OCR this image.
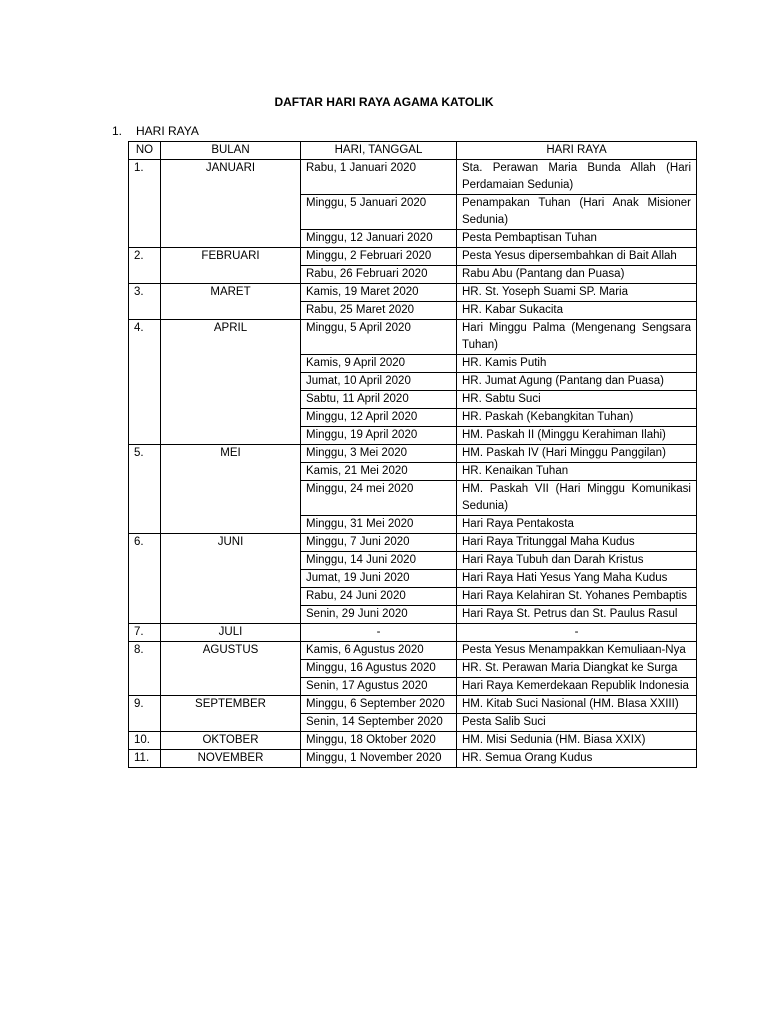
DAFTAR HARI RAYA AGAMA KATOLIK
1. HARI RAYA
NO	BULAN	HARI, TANGGAL	HARI RAYA
1.	JANUARI	Rabu, 1 Januari 2020	Sta. Perawan Maria Bunda Allah (Hari Perdamaian Sedunia)
		Minggu, 5 Januari 2020	Penampakan Tuhan (Hari Anak Misioner Sedunia)
		Minggu, 12 Januari 2020	Pesta Pembaptisan Tuhan
2.	FEBRUARI	Minggu, 2 Februari 2020	Pesta Yesus dipersembahkan di Bait Allah
		Rabu, 26 Februari 2020	Rabu Abu (Pantang dan Puasa)
3.	MARET	Kamis, 19 Maret 2020	HR. St. Yoseph Suami SP. Maria
		Rabu, 25 Maret 2020	HR. Kabar Sukacita
4.	APRIL	Minggu, 5 April 2020	Hari Minggu Palma (Mengenang Sengsara Tuhan)
		Kamis, 9 April 2020	HR. Kamis Putih
		Jumat, 10 April 2020	HR. Jumat Agung (Pantang dan Puasa)
		Sabtu, 11 April 2020	HR. Sabtu Suci
		Minggu, 12 April 2020	HR. Paskah (Kebangkitan Tuhan)
		Minggu, 19 April 2020	HM. Paskah II (Minggu Kerahiman Ilahi)
5.	MEI	Minggu, 3 Mei 2020	HM. Paskah IV (Hari Minggu Panggilan)
		Kamis, 21 Mei 2020	HR. Kenaikan Tuhan
		Minggu, 24 mei 2020	HM. Paskah VII (Hari Minggu Komunikasi Sedunia)
		Minggu, 31 Mei 2020	Hari Raya Pentakosta
6.	JUNI	Minggu, 7 Juni 2020	Hari Raya Tritunggal Maha Kudus
		Minggu, 14 Juni 2020	Hari Raya Tubuh dan Darah Kristus
		Jumat, 19 Juni 2020	Hari Raya Hati Yesus Yang Maha Kudus
		Rabu, 24 Juni 2020	Hari Raya Kelahiran St. Yohanes Pembaptis
		Senin, 29 Juni 2020	Hari Raya St. Petrus dan St. Paulus Rasul
7.	JULI	-	-
8.	AGUSTUS	Kamis, 6 Agustus 2020	Pesta Yesus Menampakkan Kemuliaan-Nya
		Minggu, 16 Agustus 2020	HR. St. Perawan Maria Diangkat ke Surga
		Senin, 17 Agustus 2020	Hari Raya Kemerdekaan Republik Indonesia
9.	SEPTEMBER	Minggu, 6 September 2020	HM. Kitab Suci Nasional (HM. BIasa XXIII)
		Senin, 14 September 2020	Pesta Salib Suci
10.	OKTOBER	Minggu, 18 Oktober 2020	HM. Misi Sedunia (HM. Biasa XXIX)
11.	NOVEMBER	Minggu, 1 November 2020	HR. Semua Orang Kudus
